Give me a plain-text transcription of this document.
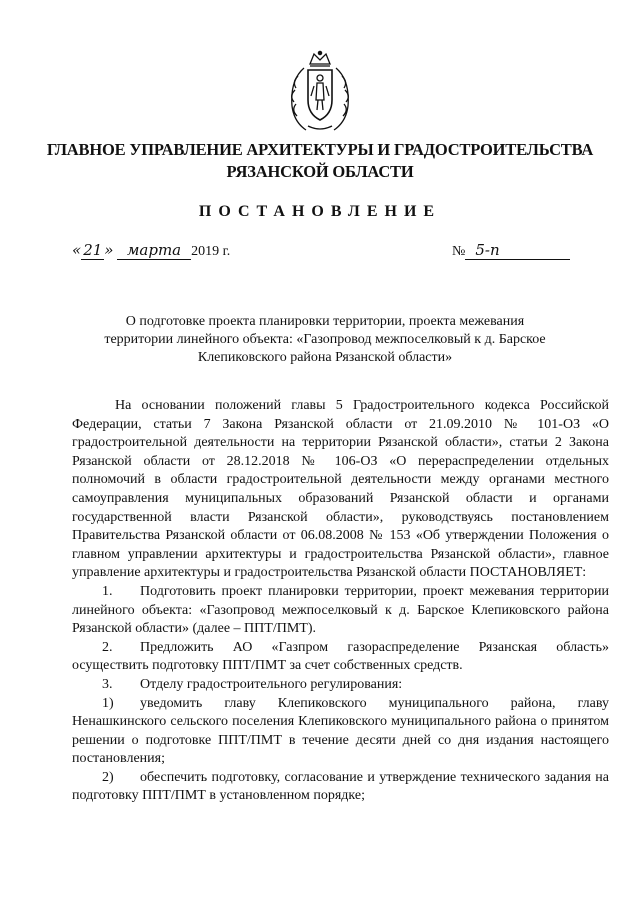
ГЛАВНОЕ УПРАВЛЕНИЕ АРХИТЕКТУРЫ И ГРАДОСТРОИТЕЛЬСТВА
РЯЗАНСКОЙ ОБЛАСТИ
ПОСТАНОВЛЕНИЕ
« 21 » марта 2019 г.	№ 5-п
О подготовке проекта планировки территории, проекта межевания территории линейного объекта: «Газопровод межпоселковый к д. Барское Клепиковского района Рязанской области»

На основании положений главы 5 Градостроительного кодекса Российской Федерации, статьи 7 Закона Рязанской области от 21.09.2010 № 101-ОЗ «О градостроительной деятельности на территории Рязанской области», статьи 2 Закона Рязанской области от 28.12.2018 № 106-ОЗ «О перераспределении отдельных полномочий в области градостроительной деятельности между органами местного самоуправления муниципальных образований Рязанской области и органами государственной власти Рязанской области», руководствуясь постановлением Правительства Рязанской области от 06.08.2008 № 153 «Об утверждении Положения о главном управлении архитектуры и градостроительства Рязанской области», главное управление архитектуры и градостроительства Рязанской области ПОСТАНОВЛЯЕТ:

1. Подготовить проект планировки территории, проект межевания территории линейного объекта: «Газопровод межпоселковый к д. Барское Клепиковского района Рязанской области» (далее – ППТ/ПМТ).

2. Предложить АО «Газпром газораспределение Рязанская область» осуществить подготовку ППТ/ПМТ за счет собственных средств.

3. Отделу градостроительного регулирования:

1) уведомить главу Клепиковского муниципального района, главу Ненашкинского сельского поселения Клепиковского муниципального района о принятом решении о подготовке ППТ/ПМТ в течение десяти дней со дня издания настоящего постановления;

2) обеспечить подготовку, согласование и утверждение технического задания на подготовку ППТ/ПМТ в установленном порядке;
